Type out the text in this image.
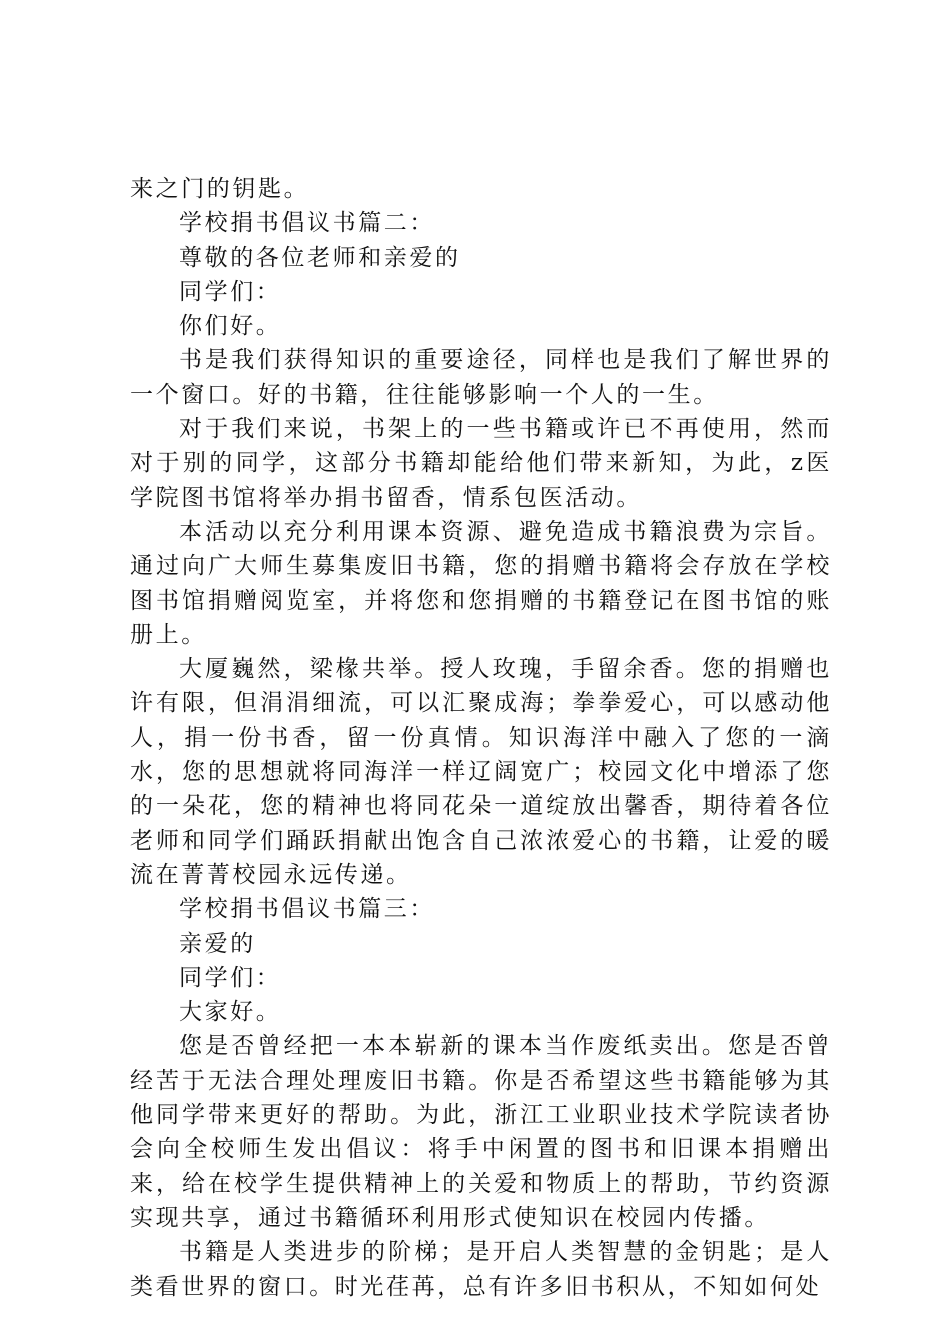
来之门的钥匙。

学校捐书倡议书篇二：

尊敬的各位老师和亲爱的

同学们：

你们好。

书是我们获得知识的重要途径，同样也是我们了解世界的一个窗口。好的书籍，往往能够影响一个人的一生。

对于我们来说，书架上的一些书籍或许已不再使用，然而对于别的同学，这部分书籍却能给他们带来新知，为此，z医学院图书馆将举办捐书留香，情系包医活动。

本活动以充分利用课本资源、避免造成书籍浪费为宗旨。通过向广大师生募集废旧书籍，您的捐赠书籍将会存放在学校图书馆捐赠阅览室，并将您和您捐赠的书籍登记在图书馆的账册上。

大厦巍然，梁椽共举。授人玫瑰，手留余香。您的捐赠也许有限，但涓涓细流，可以汇聚成海；拳拳爱心，可以感动他人，捐一份书香，留一份真情。知识海洋中融入了您的一滴水，您的思想就将同海洋一样辽阔宽广；校园文化中增添了您的一朵花，您的精神也将同花朵一道绽放出馨香，期待着各位老师和同学们踊跃捐献出饱含自己浓浓爱心的书籍，让爱的暖流在菁菁校园永远传递。

学校捐书倡议书篇三：

亲爱的

同学们：

大家好。

您是否曾经把一本本崭新的课本当作废纸卖出。您是否曾经苦于无法合理处理废旧书籍。你是否希望这些书籍能够为其他同学带来更好的帮助。为此，浙江工业职业技术学院读者协会向全校师生发出倡议：将手中闲置的图书和旧课本捐赠出来，给在校学生提供精神上的关爱和物质上的帮助，节约资源实现共享，通过书籍循环利用形式使知识在校园内传播。

书籍是人类进步的阶梯；是开启人类智慧的金钥匙；是人类看世界的窗口。时光荏苒，总有许多旧书积从，不知如何处
